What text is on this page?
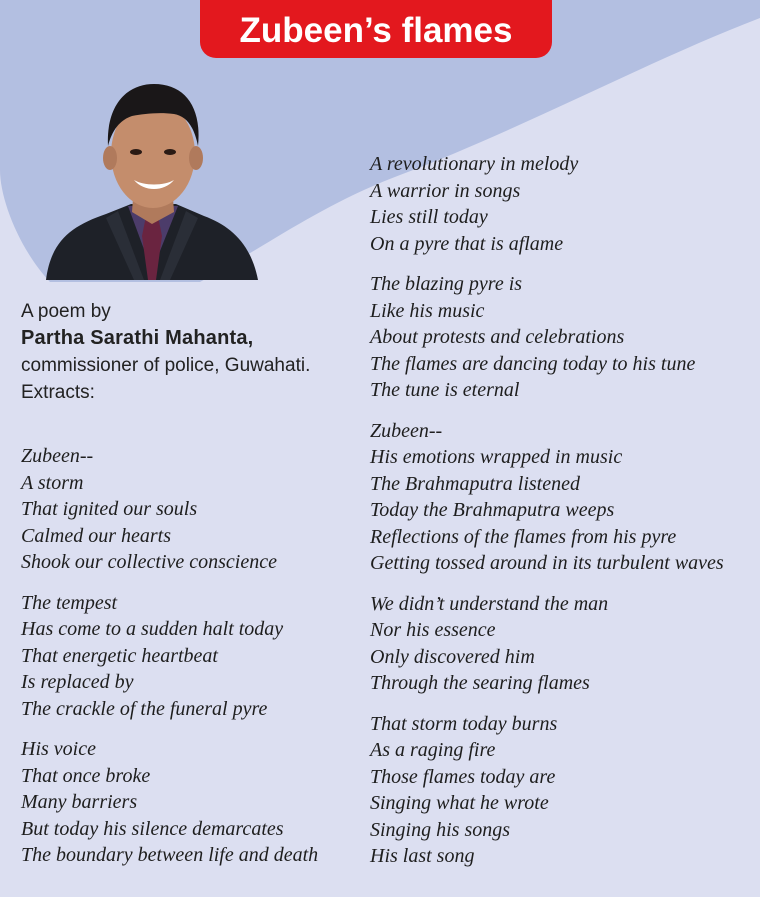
Zubeen’s flames
A poem by
Partha Sarathi Mahanta,
commissioner of police, Guwahati.
Extracts:
Zubeen--
A storm
That ignited our souls
Calmed our hearts
Shook our collective conscience
The tempest
Has come to a sudden halt today
That energetic heartbeat
Is replaced by
The crackle of the funeral pyre
His voice
That once broke
Many barriers
But today his silence demarcates
The boundary between life and death
A revolutionary in melody
A warrior in songs
Lies still today
On a pyre that is aflame
The blazing pyre is
Like his music
About protests and celebrations
The flames are dancing today to his tune
The tune is eternal
Zubeen--
His emotions wrapped in music
The Brahmaputra listened
Today the Brahmaputra weeps
Reflections of the flames from his pyre
Getting tossed around in its turbulent waves
We didn’t understand the man
Nor his essence
Only discovered him
Through the searing flames
That storm today burns
As a raging fire
Those flames today are
Singing what he wrote
Singing his songs
His last song
